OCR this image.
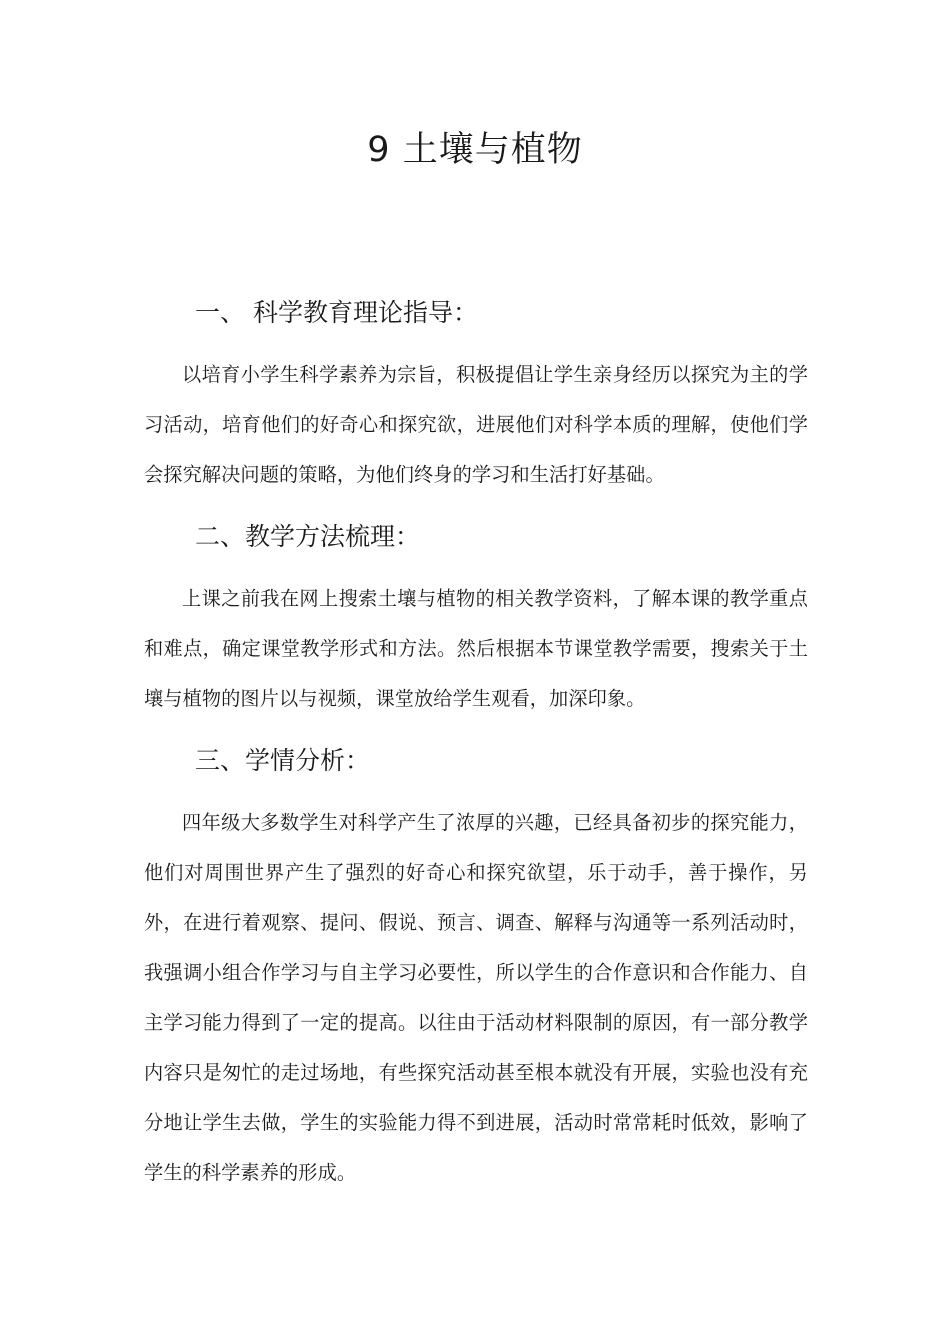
9 土壤与植物
一、 科学教育理论指导：

以培育小学生科学素养为宗旨，积极提倡让学生亲身经历以探究为主的学习活动，培育他们的好奇心和探究欲，进展他们对科学本质的理解，使他们学会探究解决问题的策略，为他们终身的学习和生活打好基础。

二、教学方法梳理：

上课之前我在网上搜索土壤与植物的相关教学资料，了解本课的教学重点和难点，确定课堂教学形式和方法。然后根据本节课堂教学需要，搜索关于土壤与植物的图片以与视频，课堂放给学生观看，加深印象。

三、学情分析：

四年级大多数学生对科学产生了浓厚的兴趣，已经具备初步的探究能力，他们对周围世界产生了强烈的好奇心和探究欲望，乐于动手，善于操作，另外，在进行着观察、提问、假说、预言、调查、解释与沟通等一系列活动时，我强调小组合作学习与自主学习必要性，所以学生的合作意识和合作能力、自主学习能力得到了一定的提高。以往由于活动材料限制的原因，有一部分教学内容只是匆忙的走过场地，有些探究活动甚至根本就没有开展，实验也没有充分地让学生去做，学生的实验能力得不到进展，活动时常常耗时低效，影响了学生的科学素养的形成。
